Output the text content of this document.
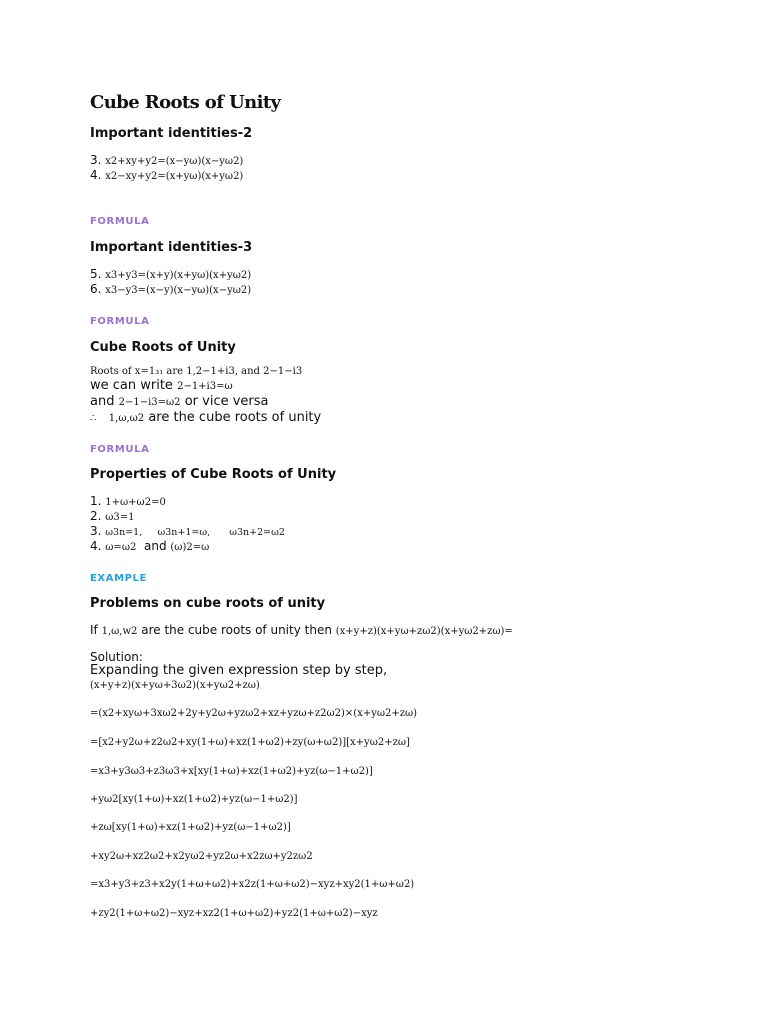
Cube Roots of Unity
Important identities-2
3. x2+xy+y2=(x−yω)(x−yω2)
4. x2−xy+y2=(x+yω)(x+yω2)
FORMULA
Important identities-3
5. x3+y3=(x+y)(x+yω)(x+yω2)
6. x3−y3=(x−y)(x−yω)(x−yω2)
FORMULA
Cube Roots of Unity
Roots of x=1₃₁ are 1,2−1+i3, and 2−1−i3
we can write 2−1+i3=ω
and 2−1−i3=ω2 or vice versa
∴ 1,ω,ω2 are the cube roots of unity
FORMULA
Properties of Cube Roots of Unity
1. 1+ω+ω2=0
2. ω3=1
3. ω3n=1, ω3n+1=ω, ω3n+2=ω2
4. ω=ω2 and (ω)2=ω
EXAMPLE
Problems on cube roots of unity
If 1,ω,w2 are the cube roots of unity then (x+y+z)(x+yω+zω2)(x+yω2+zω)=
Solution:
Expanding the given expression step by step,
(x+y+z)(x+yω+3ω2)(x+yω2+zω)
=(x2+xyω+3xω2+2y+y2ω+yzω2+xz+yzω+z2ω2)×(x+yω2+zω)
=[x2+y2ω+z2ω2+xy(1+ω)+xz(1+ω2)+zy(ω+ω2)][x+yω2+zω]
=x3+y3ω3+z3ω3+x[xy(1+ω)+xz(1+ω2)+yz(ω−1+ω2)]
+yω2[xy(1+ω)+xz(1+ω2)+yz(ω−1+ω2)]
+zω[xy(1+ω)+xz(1+ω2)+yz(ω−1+ω2)]
+xy2ω+xz2ω2+x2yω2+yz2ω+x2zω+y2zω2
=x3+y3+z3+x2y(1+ω+ω2)+x2z(1+ω+ω2)−xyz+xy2(1+ω+ω2)
+zy2(1+ω+ω2)−xyz+xz2(1+ω+ω2)+yz2(1+ω+ω2)−xyz
